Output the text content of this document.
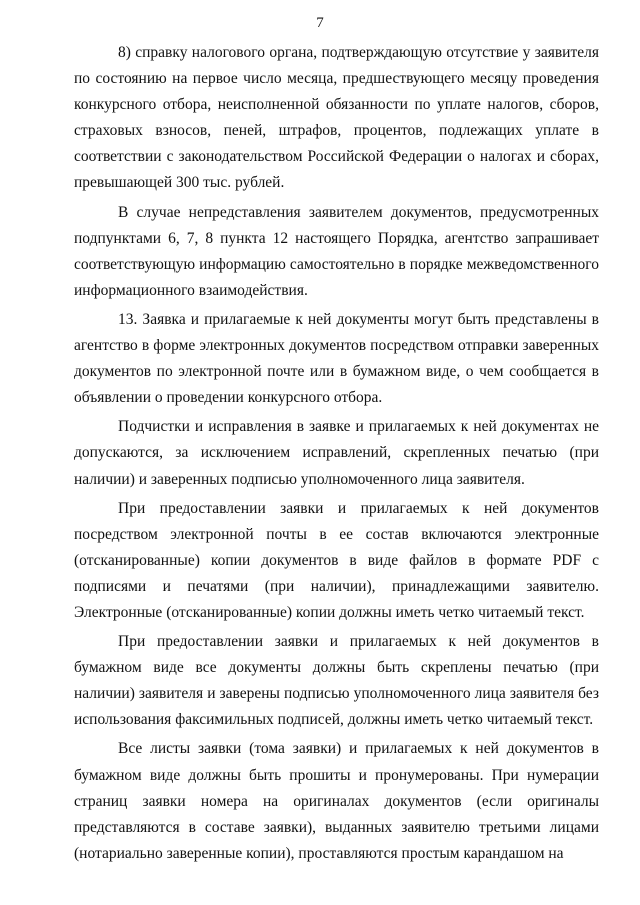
7

8) справку налогового органа, подтверждающую отсутствие у заявителя по состоянию на первое число месяца, предшествующего месяцу проведения конкурсного отбора, неисполненной обязанности по уплате налогов, сборов, страховых взносов, пеней, штрафов, процентов, подлежащих уплате в соответствии с законодательством Российской Федерации о налогах и сборах, превышающей 300 тыс. рублей.

В случае непредставления заявителем документов, предусмотренных подпунктами 6, 7, 8 пункта 12 настоящего Порядка, агентство запрашивает соответствующую информацию самостоятельно в порядке межведомственного информационного взаимодействия.

13. Заявка и прилагаемые к ней документы могут быть представлены в агентство в форме электронных документов посредством отправки заверенных документов по электронной почте или в бумажном виде, о чем сообщается в объявлении о проведении конкурсного отбора.

Подчистки и исправления в заявке и прилагаемых к ней документах не допускаются, за исключением исправлений, скрепленных печатью (при наличии) и заверенных подписью уполномоченного лица заявителя.

При предоставлении заявки и прилагаемых к ней документов посредством электронной почты в ее состав включаются электронные (отсканированные) копии документов в виде файлов в формате PDF с подписями и печатями (при наличии), принадлежащими заявителю. Электронные (отсканированные) копии должны иметь четко читаемый текст.

При предоставлении заявки и прилагаемых к ней документов в бумажном виде все документы должны быть скреплены печатью (при наличии) заявителя и заверены подписью уполномоченного лица заявителя без использования факсимильных подписей, должны иметь четко читаемый текст.

Все листы заявки (тома заявки) и прилагаемых к ней документов в бумажном виде должны быть прошиты и пронумерованы. При нумерации страниц заявки номера на оригиналах документов (если оригиналы представляются в составе заявки), выданных заявителю третьими лицами (нотариально заверенные копии), проставляются простым карандашом на
